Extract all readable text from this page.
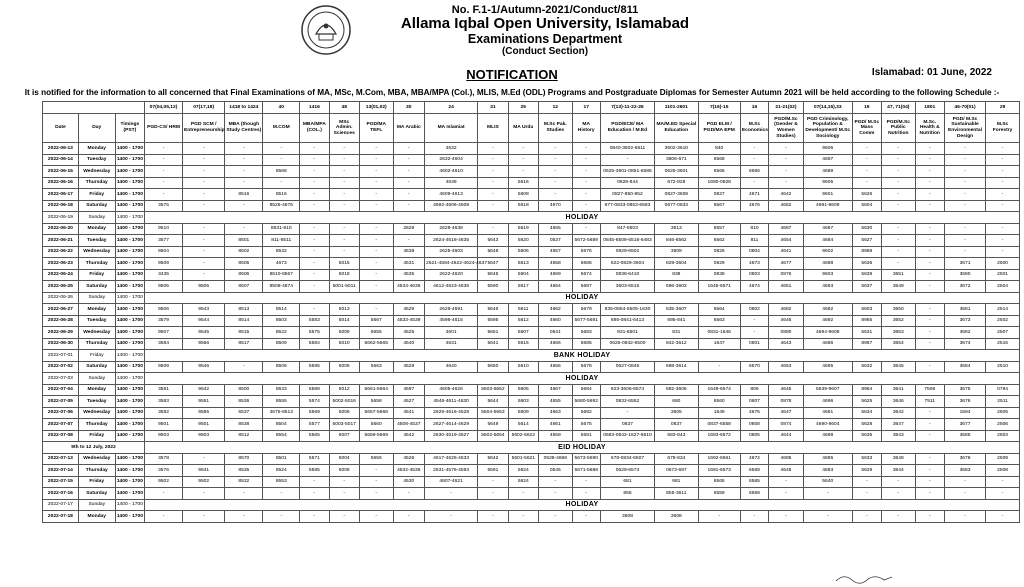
No. F.1-1/Autumn-2021/Conduct/811
Allama Iqbal Open University, Islamabad
Examinations Department
(Conduct Section)
NOTIFICATION	Islamabad: 01 June, 2022
It is notified for the information to all concerned that Final Examinations of MA, MSc, M.Com, MBA, MBA/MPA (Col.), MLIS, M.Ed (ODL) Programs and Postgraduate Diplomas for Semester Autumn 2021 will be held according to the following Schedule :-
			07(04,05,12)	07(17,18)	1418 to 1424	40	1416	48	13(01,02)	30	24	31	25	12	17	7(13)-11-22-26	1101-2601	7(16)-15	16	21-21(02)	07(14,15),33	19	47, 71(04)	1801	46-70(01)	29
Date	Day	Timings (PST)	PGD-CS/ HRM	PGD SCM / Entrepreneurship	MBA (though Study Centres)	M.COM	MBA/MPA (COL.)	MSc Admin. Sciences	PGD/MA TEFL	MA Arabic	MA Islamiat	MLIS	MA Urdu	M.Sc Pak. Studies	MA History	PGD/ECE/ MA Education / M.Ed	MA/M.ED Special Education	PGD ELM / PGD/MA EPM	M.Sc Economics	PGD/M.Sc (Gender & Women Studies)	PGD Criminology, Population & Development/ M.Sc Sociology	PGD/ M.Sc Mass Comm	PGD/M.Sc Public Nutrition	M.Sc. Health & Nutrition	PGD/ M.Sc Sustainable Environmental Design	M.Sc Forestry
2022-06-13	Monday	1400 - 1700	-	-	-	-	-	-	-	-	4632	-	-	-	-	0840-3602-6511	3602-3610	840	-	-	9606	-	-	-	-	-
2022-06-14	Tuesday	1400 - 1700	-	-	-	-	-	-	-	-	2632-4604	-	-	-	-	-	3606-671	6568	-	-	4697	-	-	-	-	-
2022-06-15	Wednesday	1400 - 1700	-	-	-	8568	-	-	-	-	4602-4610	-	-	-	-	0625-3601-0851-6586	0626-3601	6566	6566	-	4689	-	-	-	-	-
2022-06-16	Thursday	1400 - 1700	-	-	-	-	-	-	-	-	4639	-	5616	-	-	0828-844	672-828	1690-0828	-	-	9605	-	-	-	-	-
2022-06-17	Friday	1400 - 1700	-	-	8516	8516	-	-	-	-	4609-4613	-	5608	-	-	0827-850-852	0827-3608	0827	4671	4642	9601	5626	-	-	-	-
2022-06-18	Saturday	1400 - 1700	3575	-	-	8526-4676	-	-	-	-	4592-4606-4608	-	5618	4670	-	677-0833-0853-6583	0677-0833	6567	4676	4652	4691-9609	5604	-	-	-	-
2022-06-19	Sunday	1400 - 1700	HOLIDAY																							
2022-06-20	Monday	1400 - 1700	9510	-	-	8531-810	-	-	-	2628	2628-4638	-	5619	4665	-	847-6503	3613	8557	810	4687	4687	5630	-	-	-	-
2022-06-21	Tuesday	1400 - 1700	3577	-	8501	811-8511	-	-	-	-	2624-4618-4635	5643	5620	0537	5672-5689	0845-6509-6516-6483	846-6562	6562	811	4654	4684	5627	-	-	-	-
2022-06-22	Wednesday	1400 - 1700	9504	-	8502	8532	-	-	-	4538	2625-4603	5648	5606	4657	5676	0829-6502	3609	0826	0804	4641	9602	8968	-	-	-	-
2022-06-23	Thursday	1400 - 1700	9509	-	8505	4673	-	5015	-	4531	2621-4594-4622-4624-4637	5647	5613	4658	5686	622-0829-3604	829-3604	0829	4673	4677	4688	5636	-	-	3671	2500
2022-06-24	Friday	1400 - 1700	3435	-	8506	8510-8567	-	5018	-	4535	2622-4620	5645	5604	4669	5674	0838-6410	838	0838	0803	0876	9603	5638	3651	-	3680	2501
2022-06-25	Saturday	1400 - 1700	9505	9505	8507	8508-4674	-	5001-5011	-	4534-4636	4612-4623-4636	5590	5617	4664	5687	3603-6515	696-3603	1645-6571	4674	4651	4693	5637	3649	-	3672	2504
2022-06-26	Sunday	1400 - 1700	HOLIDAY																							
2022-06-27	Monday	1400 - 1700	9506	9543	8513	8514	-	5013	-	4529	2626-4591	5646	5611	4662	5679	835-0854-6505-1630	835-3607	6564	0802	4682	4682	6603	3650	-	3681	2514
2022-06-28	Tuesday	1400 - 1700	3579	9544	8514	8503	5583	5014	5667	4533-4539	4596-4615	5595	5612	4660	5677-5691	695-0841-6413	695-841	6563	-	4646	4692	8965	3652	-	3673	2502
2022-06-29	Wednesday	1400 - 1700	9507	9545	8515	8522	5575	5009	5655	4525	4601	5651	5607	0541	5683	831-6501	831	0831-1646	-	0880	4694-9608	5631	3653	-	3682	2507
2022-06-30	Thursday	1400 - 1700	3584	9556	8517	8509	5584	5010	5662-5665	4540	4631	5641	5615	4666	5685	0625-0842-6500	842-3612	1647	0801	4643	4686	8967	3654	-	3674	2516
2022-07-01	Friday	1400 - 1700	BANK HOLIDAY																							
2022-07-02	Saturday	1400 - 1700	9509	9546	-	8506	5595	5005	5663	4528	4640	5650	5610	4656	5678	0627-0845	698-3614	-	6570	4653	4695	5632	3645	-	3684	2510
2022-07-03	Sunday	1400 - 1700	HOLIDAY																							
2022-07-04	Monday	1400 - 1700	3581	9542	8500	8533	5588	5012	5661-5664	4597	4605-4626	5503-5652	5605	4667	5684	823-3606-6574	682-3606	1648-6574	806	4645	5639-9607	8964	3641	7508	3675	0794
2022-07-05	Tuesday	1400 - 1700	3583	9551	8536	8555	5574	5002-5016	5658	4527	4546-4611-4630	5644	5603	4655	5680-5692	0832-6552	680	6560	0807	0878	4696	5625	3646	7511	3676	2511
2022-07-06	Wednesday	1400 - 1700	3582	9555	6537	4675-8513	5569	5006	5657-5666	4541	2629-4616-4628	5504-5653	5609	4663	5682	-	3605	1649	4675	4647	4681	5634	3642	-	1594	2505
2022-07-07	Thursday	1400 - 1700	9501	9501	8538	8504	5577	5003-5017	5660	4508-4537	2627-4614-4629	5649	5614	4661	5675	0837	0837	0837-6558	0808	0874	4690-9604	5628	3647	-	3677	2506
2022-07-08	Friday	1400 - 1700	9503	9503	8512	8554	5565	5007	5659-5669	4542	2630-4619-4627	5502-5654	5602-5622	4659	5681	0683-0843-1627-6510	683-843	1693-6572	0805	4644	4698	5635	3643	-	3685	2503
9th to 12 July, 2022			EID HOLIDAY																							
2022-07-13	Wednesday	1400 - 1700	3578	-	8570	8501	5571	5004	5656	4526	4617-4625-4633	5642	5601-5621	0538-4668	5673-5690	678-0834-6507	678-834	1692-6561	4672	4685	4685	5633	3648	-	3678	2509
2022-07-14	Thursday	1400 - 1700	3576	9541	8535	8524	5585	5008	-	4532-4536	2631-4576-4593	5591	5624	0545	5671-5688	0629-6573	0673-697	1691-6573	6569	4648	4683	5629	3644	-	3683	2508
2022-07-15	Friday	1400 - 1700	9502	9502	8532	8553	-	-	-	4530	4607-4621	-	5624	-	-	681	681	6565	6565	-	5640	-	-	-	-	-
2022-07-16	Saturday	1400 - 1700	-	-	-	-	-	-	-	-	-	-	-	-	-	855	855-3611	6559	6559	-	-	-	-	-	-	-
2022-07-17	Sunday	1400 - 1700	HOLIDAY																							
2022-07-18	Monday	1400 - 1700	-	-	-	-	-	-	-	-	-	-	-	-	-	3608	3608	-	-	-	-	-	-	-	-	-
